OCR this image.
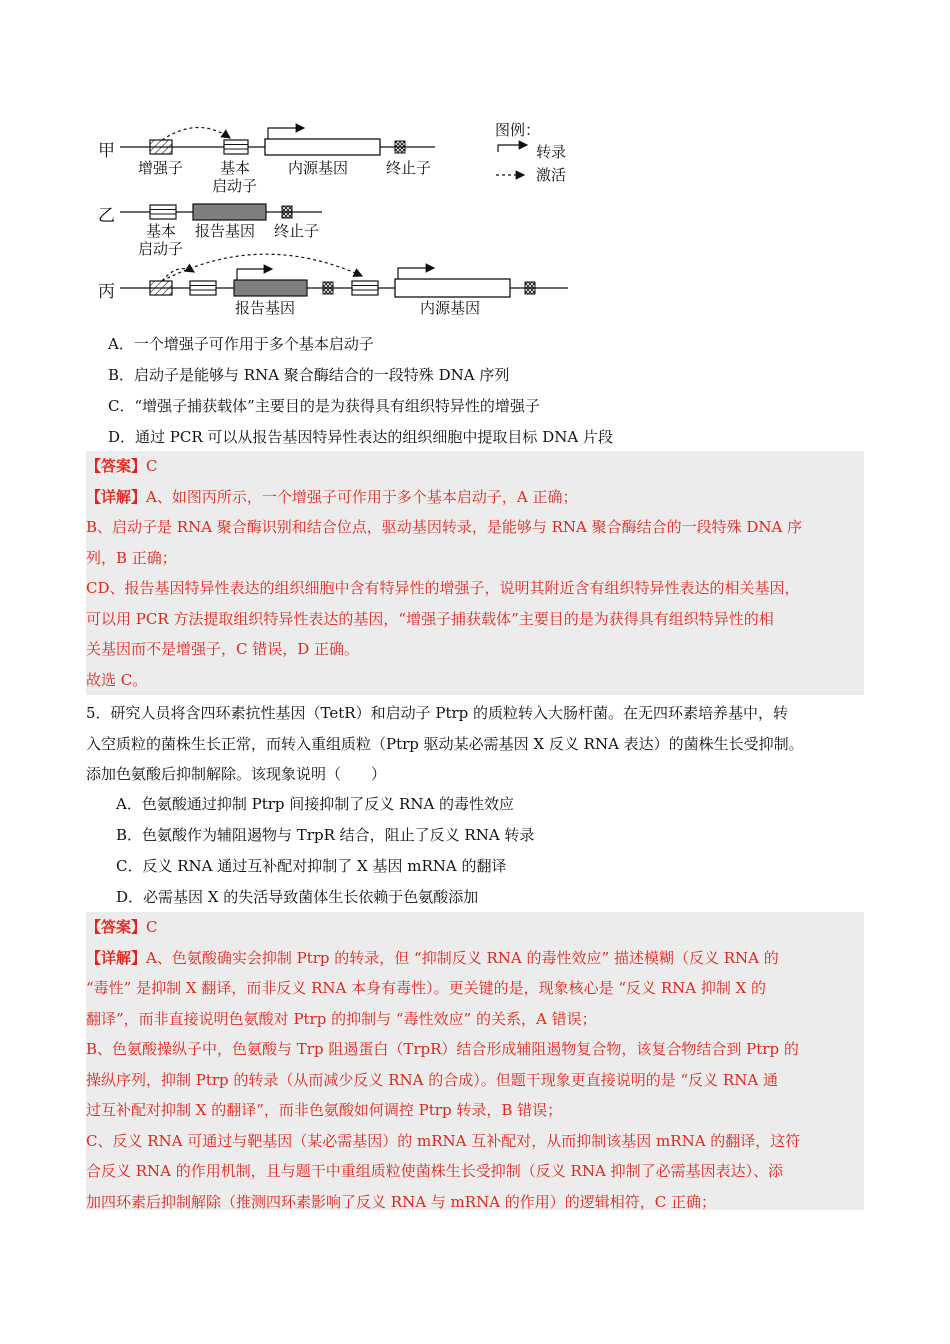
甲
乙
丙
增强子 基本
启动子
内源基因	终止子
图例：
转录
激活
基本
启动子
报告基因 终止子
报告基因	内源基因
A．一个增强子可作用于多个基本启动子
B．启动子是能够与 RNA 聚合酶结合的一段特殊 DNA 序列
C．“增强子捕获载体”主要目的是为获得具有组织特异性的增强子
D．通过 PCR 可以从报告基因特异性表达的组织细胞中提取目标 DNA 片段

【答案】C

【详解】A、如图丙所示，一个增强子可作用于多个基本启动子，A 正确；

B、启动子是 RNA 聚合酶识别和结合位点，驱动基因转录，是能够与 RNA 聚合酶结合的一段特殊 DNA 序

列，B 正确；

CD、报告基因特异性表达的组织细胞中含有特异性的增强子，说明其附近含有组织特异性表达的相关基因，

可以用 PCR 方法提取组织特异性表达的基因，“增强子捕获载体”主要目的是为获得具有组织特异性的相

关基因而不是增强子，C 错误，D 正确。

故选 C。

5．研究人员将含四环素抗性基因（TetR）和启动子 Ptrp 的质粒转入大肠杆菌。在无四环素培养基中，转

入空质粒的菌株生长正常，而转入重组质粒（Ptrp 驱动某必需基因 X 反义 RNA 表达）的菌株生长受抑制。

添加色氨酸后抑制解除。该现象说明（　　）

A．色氨酸通过抑制 Ptrp 间接抑制了反义 RNA 的毒性效应
B．色氨酸作为辅阻遏物与 TrpR 结合，阻止了反义 RNA 转录
C．反义 RNA 通过互补配对抑制了 X 基因 mRNA 的翻译
D．必需基因 X 的失活导致菌体生长依赖于色氨酸添加

【答案】C

【详解】A、色氨酸确实会抑制 Ptrp 的转录，但 “抑制反义 RNA 的毒性效应” 描述模糊（反义 RNA 的

“毒性” 是抑制 X 翻译，而非反义 RNA 本身有毒性）。更关键的是，现象核心是 “反义 RNA 抑制 X 的

翻译”，而非直接说明色氨酸对 Ptrp 的抑制与 “毒性效应” 的关系，A 错误；

B、色氨酸操纵子中，色氨酸与 Trp 阻遏蛋白（TrpR）结合形成辅阻遏物复合物，该复合物结合到 Ptrp 的

操纵序列，抑制 Ptrp 的转录（从而减少反义 RNA 的合成）。但题干现象更直接说明的是 “反义 RNA 通

过互补配对抑制 X 的翻译”，而非色氨酸如何调控 Ptrp 转录，B 错误；

C、反义 RNA 可通过与靶基因（某必需基因）的 mRNA 互补配对，从而抑制该基因 mRNA 的翻译，这符

合反义 RNA 的作用机制，且与题干中重组质粒使菌株生长受抑制（反义 RNA 抑制了必需基因表达）、添

加四环素后抑制解除（推测四环素影响了反义 RNA 与 mRNA 的作用）的逻辑相符，C 正确；
